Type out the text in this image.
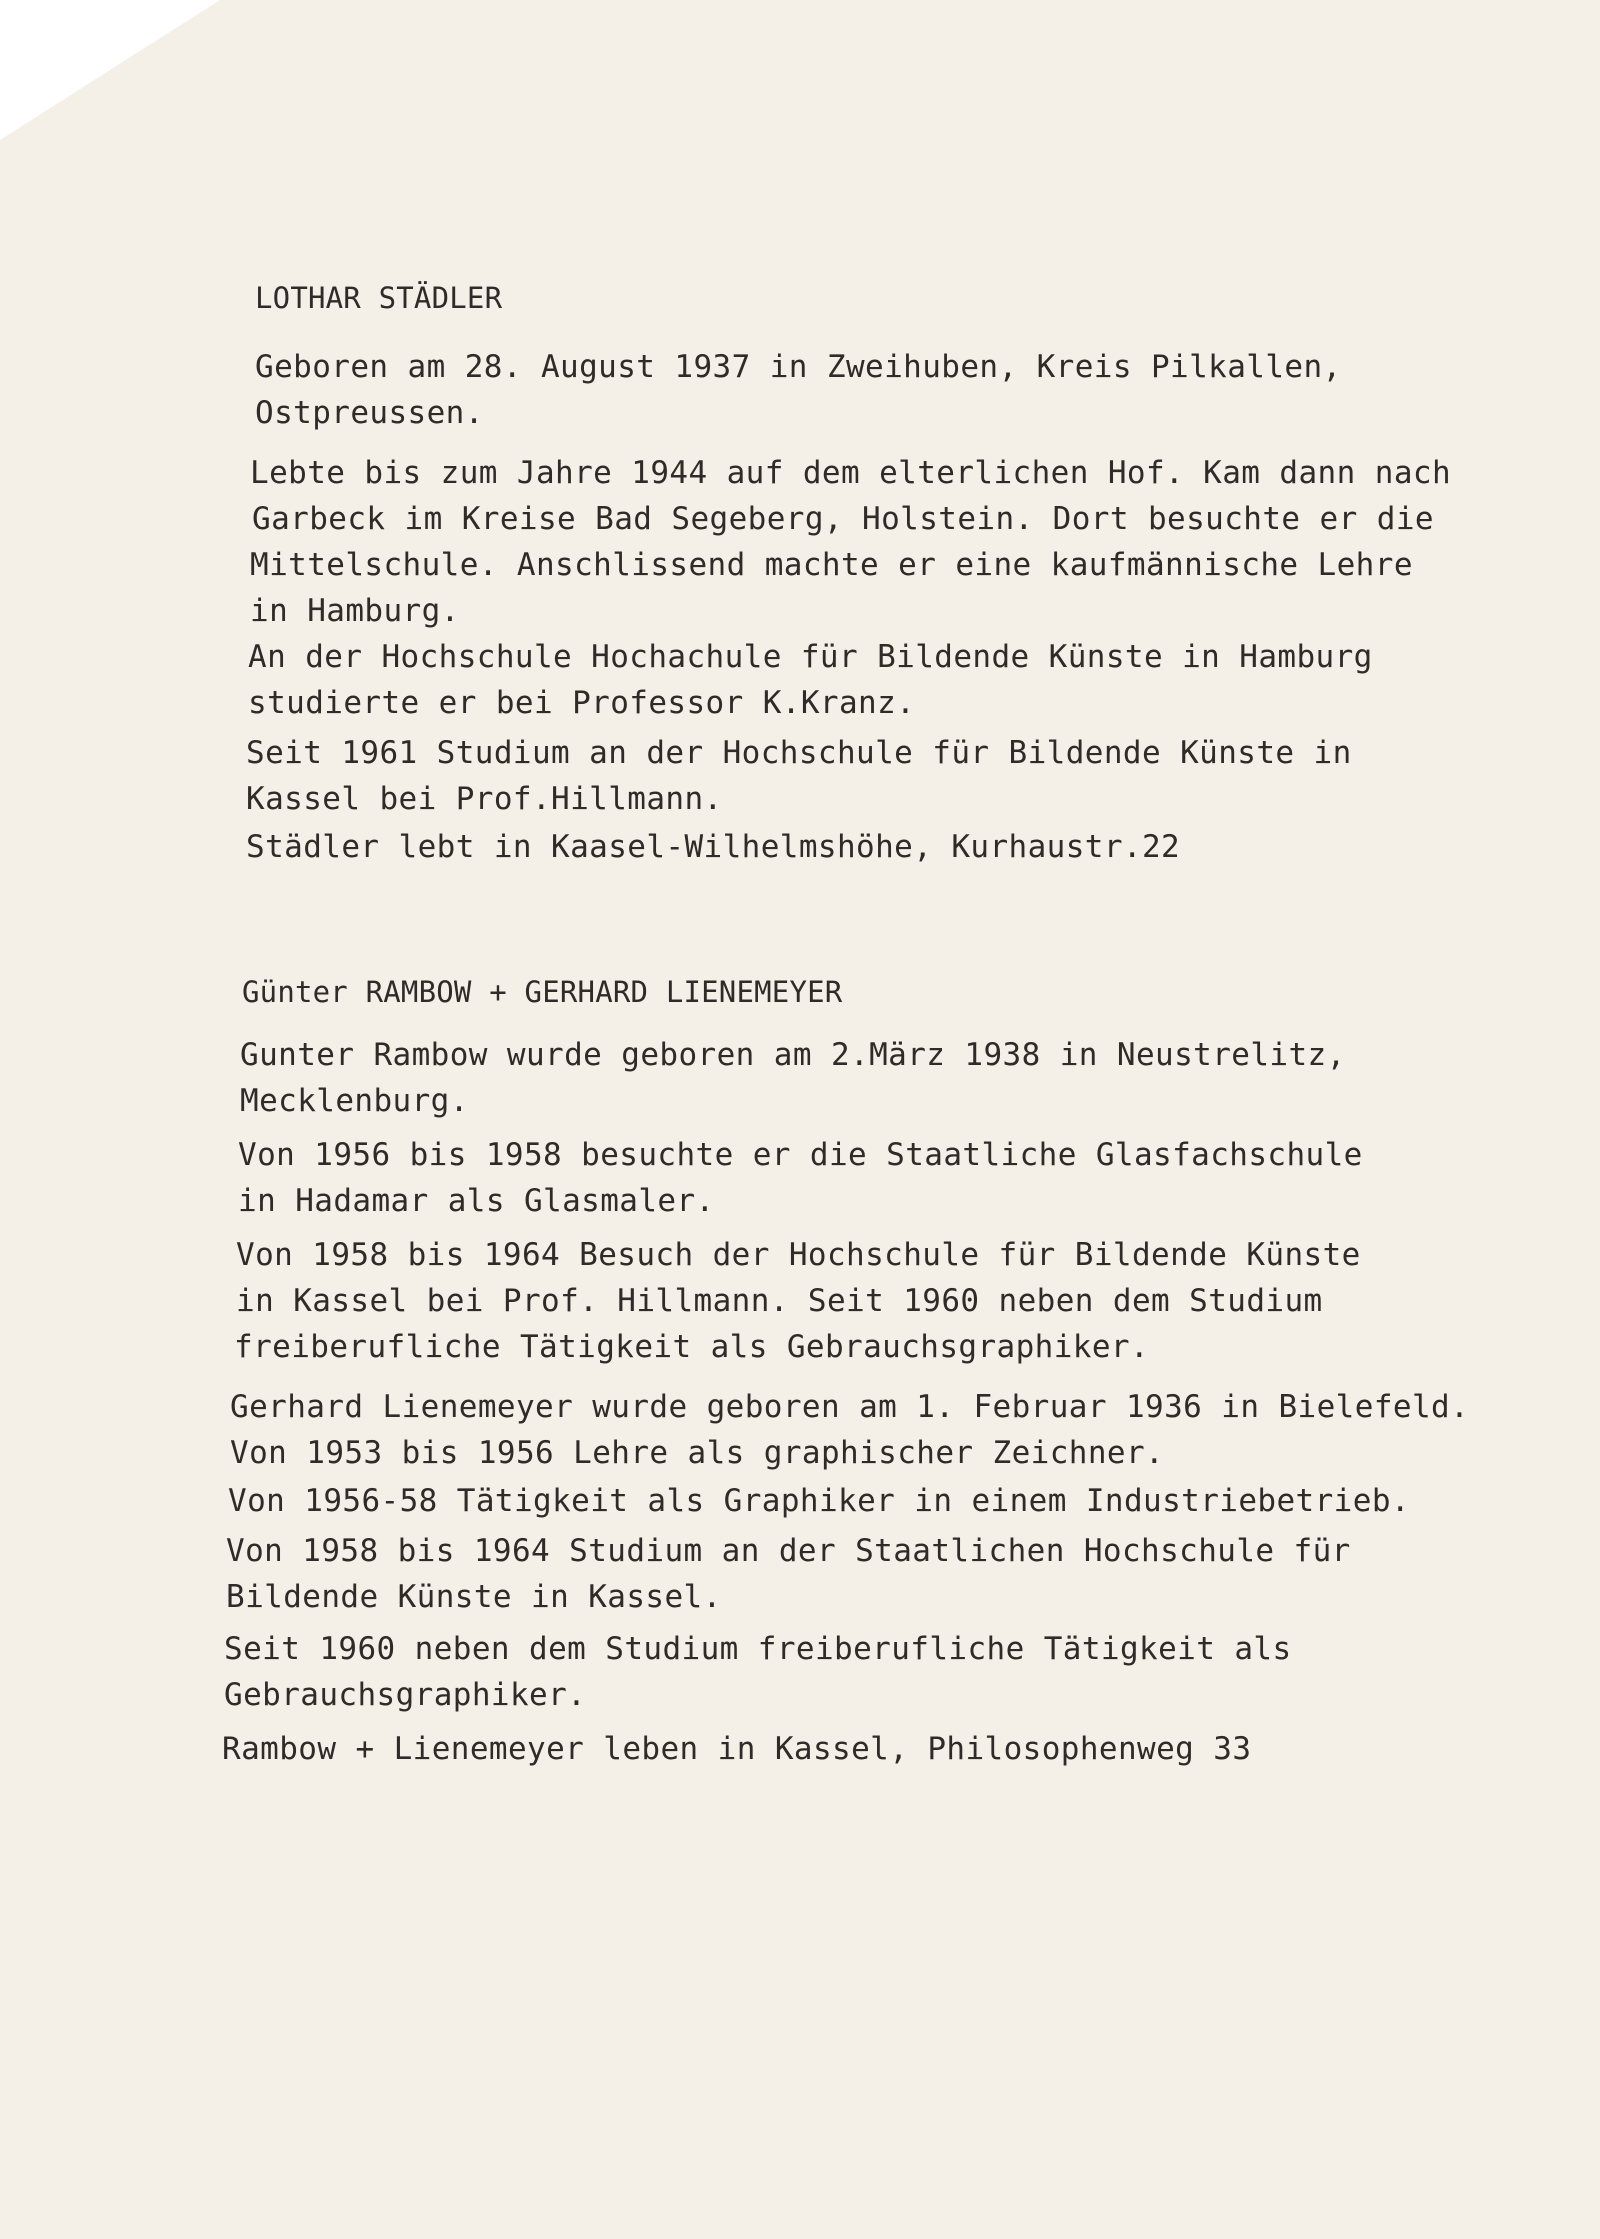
LOTHAR STÄDLER
Geboren am 28. August 1937 in Zweihuben, Kreis Pilkallen,
Ostpreussen.
Lebte bis zum Jahre 1944 auf dem elterlichen Hof. Kam dann nach
Garbeck im Kreise Bad Segeberg, Holstein. Dort besuchte er die
Mittelschule. Anschlissend machte er eine kaufmännische Lehre
in Hamburg.
An der Hochschule Hochachule für Bildende Künste in Hamburg
studierte er bei Professor K.Kranz.
Seit 1961 Studium an der Hochschule für Bildende Künste in
Kassel bei Prof.Hillmann.
Städler lebt in Kaasel-Wilhelmshöhe, Kurhaustr.22
Günter RAMBOW + GERHARD LIENEMEYER
Gunter Rambow wurde geboren am 2.März 1938 in Neustrelitz,
Mecklenburg.
Von 1956 bis 1958 besuchte er die Staatliche Glasfachschule
in Hadamar als Glasmaler.
Von 1958 bis 1964 Besuch der Hochschule für Bildende Künste
in Kassel bei Prof. Hillmann. Seit 1960 neben dem Studium
freiberufliche Tätigkeit als Gebrauchsgraphiker.
Gerhard Lienemeyer wurde geboren am 1. Februar 1936 in Bielefeld.
Von 1953 bis 1956 Lehre als graphischer Zeichner.
Von 1956-58 Tätigkeit als Graphiker in einem Industriebetrieb.
Von 1958 bis 1964 Studium an der Staatlichen Hochschule für
Bildende Künste in Kassel.
Seit 1960 neben dem Studium freiberufliche Tätigkeit als
Gebrauchsgraphiker.
Rambow + Lienemeyer leben in Kassel, Philosophenweg 33
